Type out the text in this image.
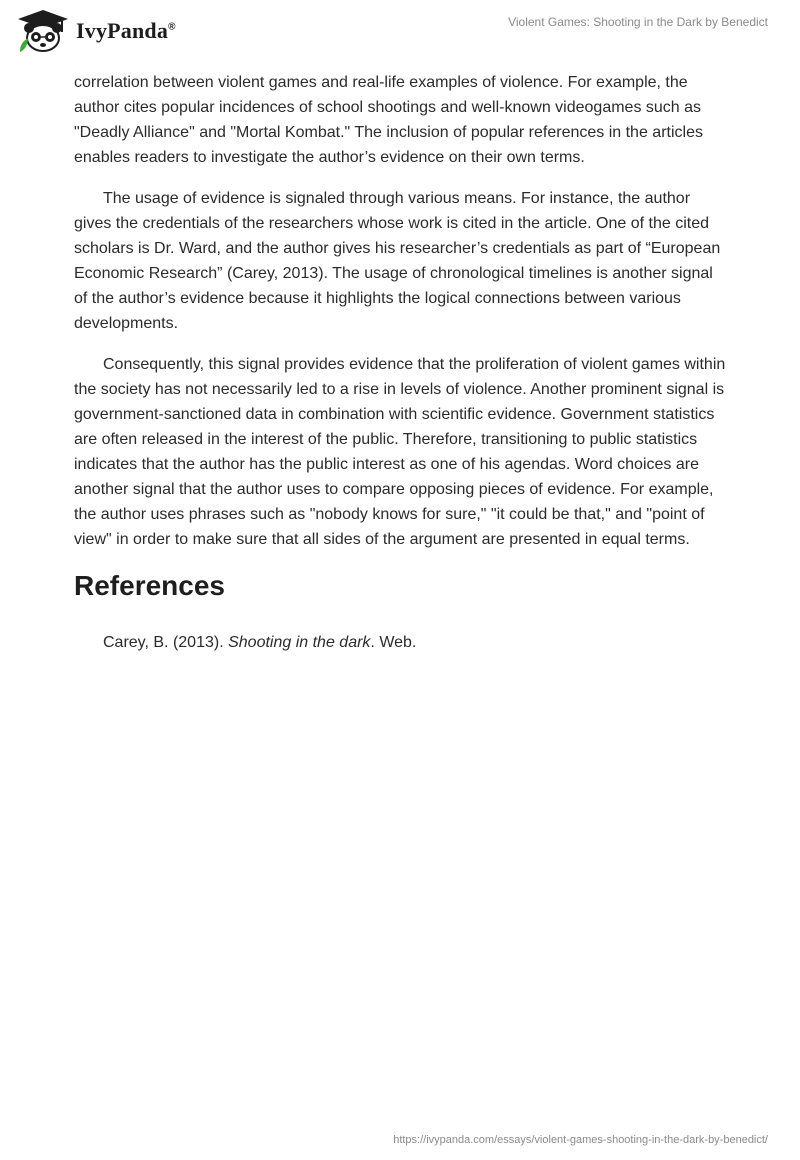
IvyPanda®	Violent Games: Shooting in the Dark by Benedict

correlation between violent games and real-life examples of violence. For example, the author cites popular incidences of school shootings and well-known videogames such as "Deadly Alliance" and "Mortal Kombat." The inclusion of popular references in the articles enables readers to investigate the author’s evidence on their own terms.

The usage of evidence is signaled through various means. For instance, the author gives the credentials of the researchers whose work is cited in the article. One of the cited scholars is Dr. Ward, and the author gives his researcher’s credentials as part of “European Economic Research” (Carey, 2013). The usage of chronological timelines is another signal of the author’s evidence because it highlights the logical connections between various developments.

Consequently, this signal provides evidence that the proliferation of violent games within the society has not necessarily led to a rise in levels of violence. Another prominent signal is government-sanctioned data in combination with scientific evidence. Government statistics are often released in the interest of the public. Therefore, transitioning to public statistics indicates that the author has the public interest as one of his agendas. Word choices are another signal that the author uses to compare opposing pieces of evidence. For example, the author uses phrases such as "nobody knows for sure," "it could be that," and "point of view" in order to make sure that all sides of the argument are presented in equal terms.

References
Carey, B. (2013). Shooting in the dark. Web.
https://ivypanda.com/essays/violent-games-shooting-in-the-dark-by-benedict/
